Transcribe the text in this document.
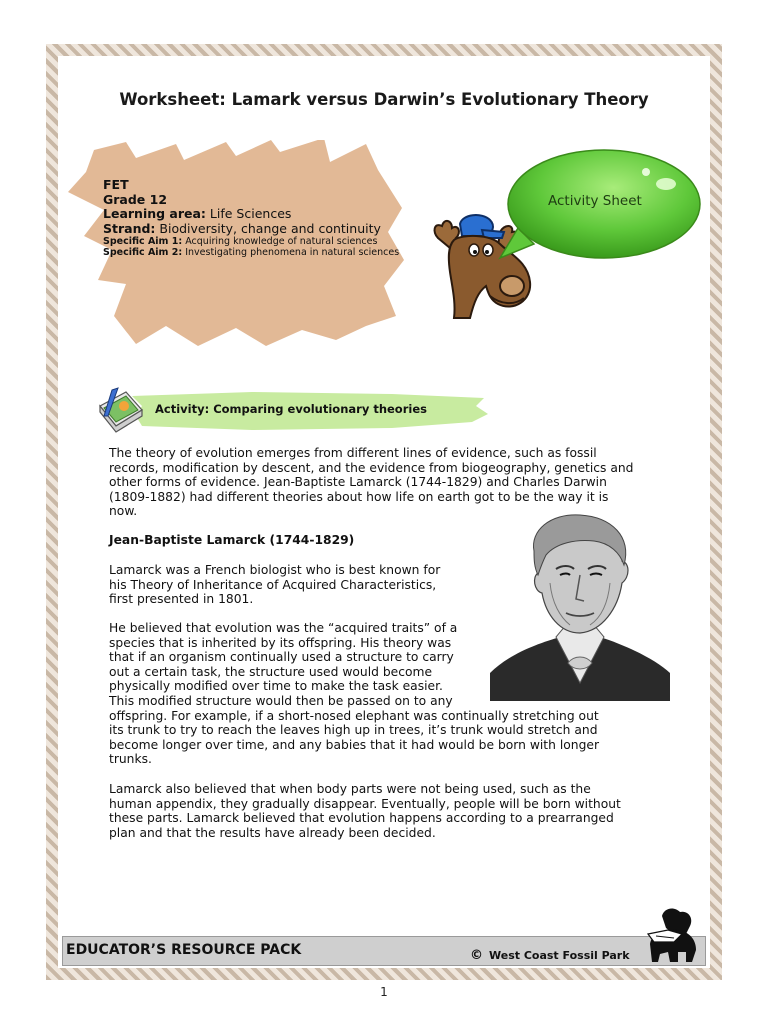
Worksheet: Lamark versus Darwin’s Evolutionary Theory
FET
Grade 12
Learning area: Life Sciences
Strand: Biodiversity, change and continuity
Specific Aim 1: Acquiring knowledge of natural sciences
Specific Aim 2: Investigating phenomena in natural sciences
Activity Sheet
Activity: Comparing evolutionary theories
The theory of evolution emerges from different lines of evidence, such as fossil
records, modification by descent, and the evidence from biogeography, genetics and
other forms of evidence. Jean-Baptiste Lamarck (1744-1829) and Charles Darwin
(1809-1882) had different theories about how life on earth got to be the way it is
now.
Jean-Baptiste Lamarck (1744-1829)
Lamarck was a French biologist who is best known for
his Theory of Inheritance of Acquired Characteristics,
first presented in 1801.
He believed that evolution was the “acquired traits” of a
species that is inherited by its offspring. His theory was
that if an organism continually used a structure to carry
out a certain task, the structure used would become
physically modified over time to make the task easier.
This modified structure would then be passed on to any
offspring. For example, if a short-nosed elephant was continually stretching out
its trunk to try to reach the leaves high up in trees, it’s trunk would stretch and
become longer over time, and any babies that it had would be born with longer
trunks.
Lamarck also believed that when body parts were not being used, such as the
human appendix, they gradually disappear. Eventually, people will be born without
these parts. Lamarck believed that evolution happens according to a prearranged
plan and that the results have already been decided.
EDUCATOR’S RESOURCE PACK	© West Coast Fossil Park
1
